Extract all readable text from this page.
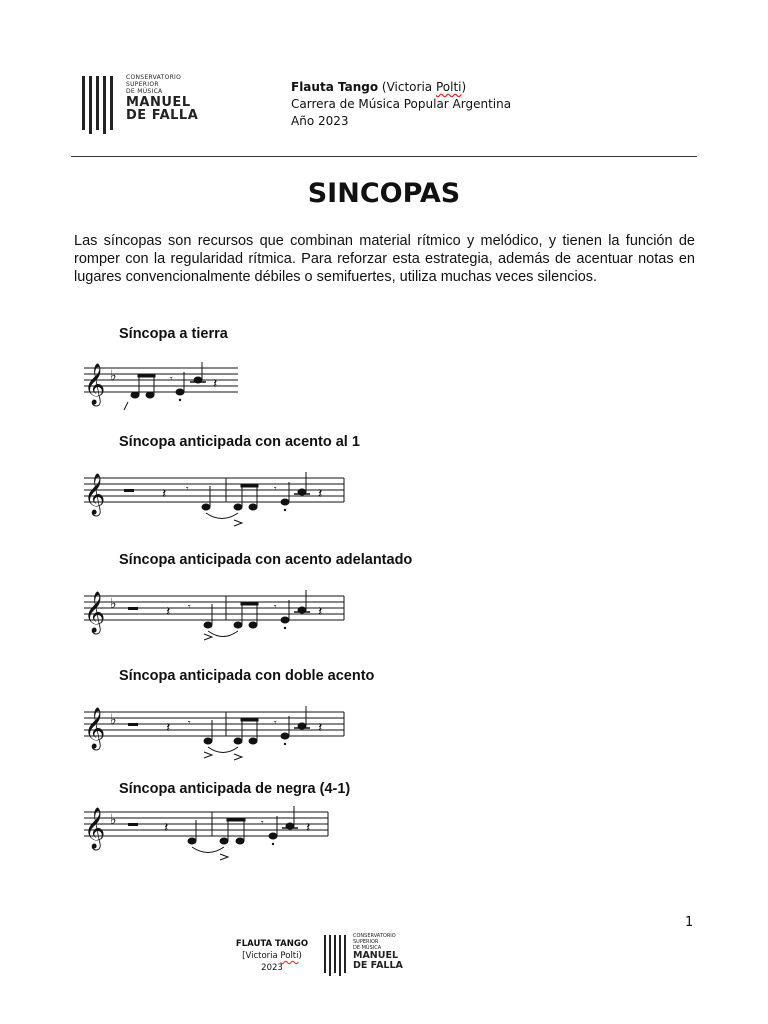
CONSERVATORIO
SUPERIOR
DE MÚSICA
MANUEL
DE FALLA
Flauta Tango (Victoria Polti)
Carrera de Música Popular Argentina
Año 2023
SINCOPAS
Las síncopas son recursos que combinan material rítmico y melódico, y tienen la función de romper con la regularidad rítmica. Para reforzar esta estrategia, además de acentuar notas en lugares convencionalmente débiles o semifuertes, utiliza muchas veces silencios.
Síncopa a tierra
𝄞 ♭	𝄾	𝄽
Síncopa anticipada con acento al 1
𝄞	𝄽 𝄾	𝄾	𝄽
Síncopa anticipada con acento adelantado
𝄞 ♭	𝄽 𝄾	𝄾	𝄽
Síncopa anticipada con doble acento
𝄞 ♭	𝄽 𝄾	𝄾	𝄽
Síncopa anticipada de negra (4-1)
𝄞 ♭	𝄽	𝄾	𝄽
1
FLAUTA TANGO
[Victoria Polti)
2023
CONSERVATORIO
SUPERIOR
DE MÚSICA
MANUEL
DE FALLA
